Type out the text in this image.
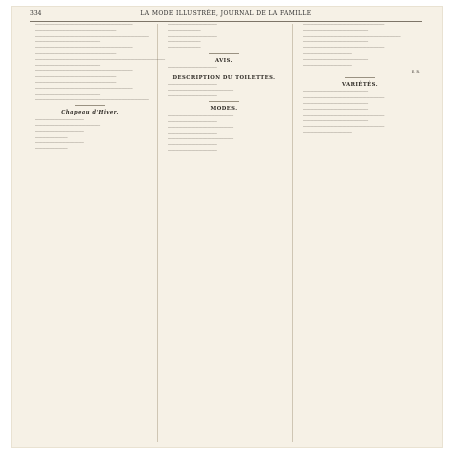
334	LA MODE ILLUSTRÉE, JOURNAL DE LA FAMILLE

──────────────────────────────────────────────────────

─────────────────────────────────────────────

───────────────────────────────────────────────────────────────

────────────────────────────────────

──────────────────────────────────────────────────────

─────────────────────────────────────────────

────────────────────────────────────────────────────────────────────────

────────────────────────────────────

──────────────────────────────────────────────────────

─────────────────────────────────────────────

─────────────────────────────────────────────

──────────────────────────────────────────────────────

────────────────────────────────────

───────────────────────────────────────────────────────────────

Chapeau d'Hiver.

───────────────────────────

────────────────────────────────────

───────────────────────────

──────────────────

───────────────────────────

──────────────────

───────────────────────────

──────────────────

───────────────────────────

──────────────────

──────────────────

AVIS.

───────────────────────────

DESCRIPTION DU TOILETTES.

───────────────────────────

────────────────────────────────────

───────────────────────────

MODES.

────────────────────────────────────

───────────────────────────

────────────────────────────────────

───────────────────────────

────────────────────────────────────

───────────────────────────

───────────────────────────

─────────────────────────────────────────────

────────────────────────────────────

──────────────────────────────────────────────────────

────────────────────────────────────

─────────────────────────────────────────────

───────────────────────────

────────────────────────────────────

───────────────────────────

E. R.
VARIÉTÉS.

────────────────────────────────────

─────────────────────────────────────────────

────────────────────────────────────

────────────────────────────────────

─────────────────────────────────────────────

────────────────────────────────────

─────────────────────────────────────────────

───────────────────────────
